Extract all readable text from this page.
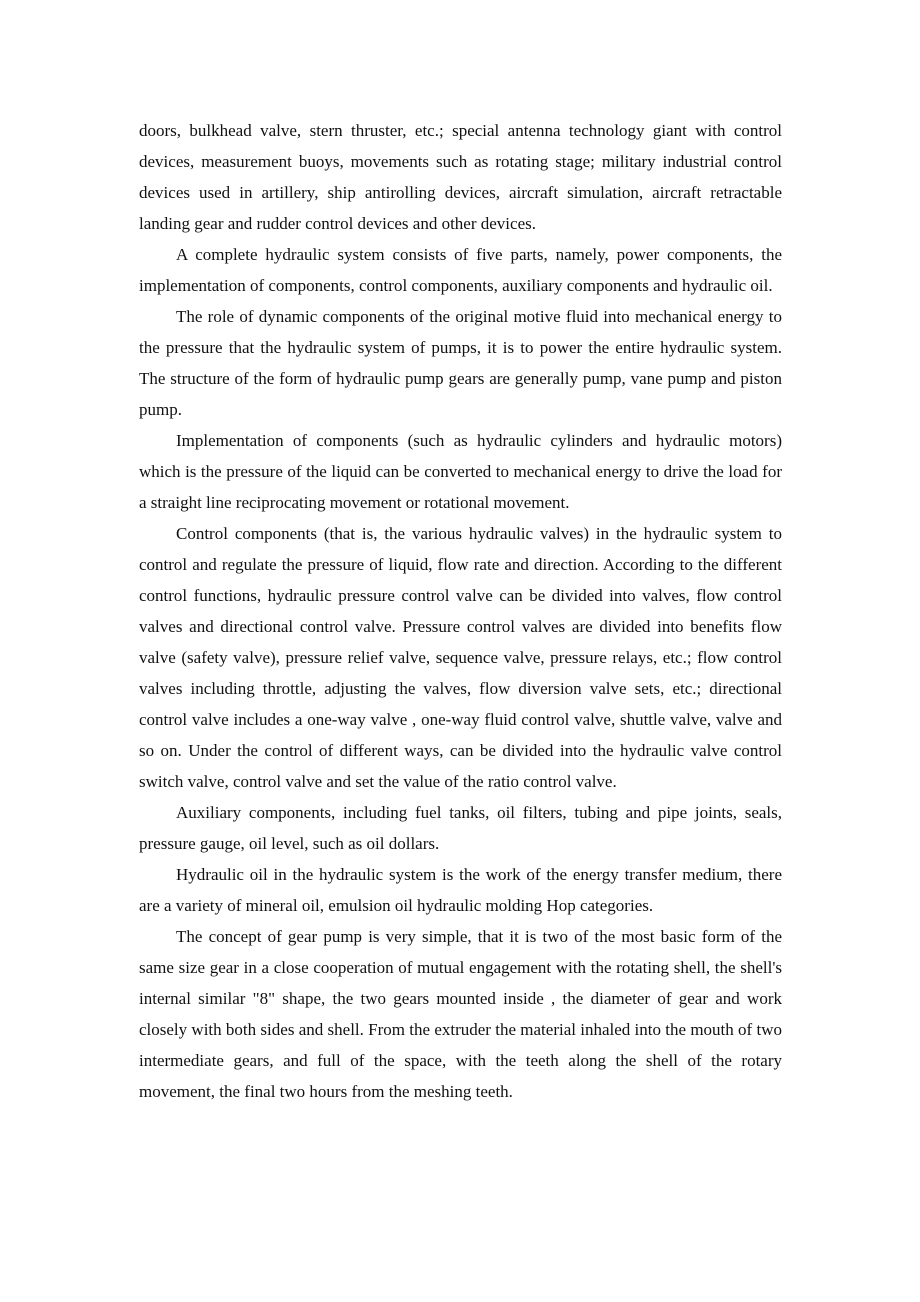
doors, bulkhead valve, stern thruster, etc.; special antenna technology giant with control devices, measurement buoys, movements such as rotating stage; military industrial control devices used in artillery, ship antirolling devices, aircraft simulation, aircraft retractable landing gear and rudder control devices and other devices.

A complete hydraulic system consists of five parts, namely, power components, the implementation of components, control components, auxiliary components and hydraulic oil.

The role of dynamic components of the original motive fluid into mechanical energy to the pressure that the hydraulic system of pumps, it is to power the entire hydraulic system. The structure of the form of hydraulic pump gears are generally pump, vane pump and piston pump.

Implementation of components (such as hydraulic cylinders and hydraulic motors) which is the pressure of the liquid can be converted to mechanical energy to drive the load for a straight line reciprocating movement or rotational movement.

Control components (that is, the various hydraulic valves) in the hydraulic system to control and regulate the pressure of liquid, flow rate and direction. According to the different control functions, hydraulic pressure control valve can be divided into valves, flow control valves and directional control valve. Pressure control valves are divided into benefits flow valve (safety valve), pressure relief valve, sequence valve, pressure relays, etc.; flow control valves including throttle, adjusting the valves, flow diversion valve sets, etc.; directional control valve includes a one-way valve , one-way fluid control valve, shuttle valve, valve and so on. Under the control of different ways, can be divided into the hydraulic valve control switch valve, control valve and set the value of the ratio control valve.

Auxiliary components, including fuel tanks, oil filters, tubing and pipe joints, seals, pressure gauge, oil level, such as oil dollars.

Hydraulic oil in the hydraulic system is the work of the energy transfer medium, there are a variety of mineral oil, emulsion oil hydraulic molding Hop categories.

The concept of gear pump is very simple, that it is two of the most basic form of the same size gear in a close cooperation of mutual engagement with the rotating shell, the shell's internal similar "8" shape, the two gears mounted inside , the diameter of gear and work closely with both sides and shell. From the extruder the material inhaled into the mouth of two intermediate gears, and full of the space, with the teeth along the shell of the rotary movement, the final two hours from the meshing teeth.
